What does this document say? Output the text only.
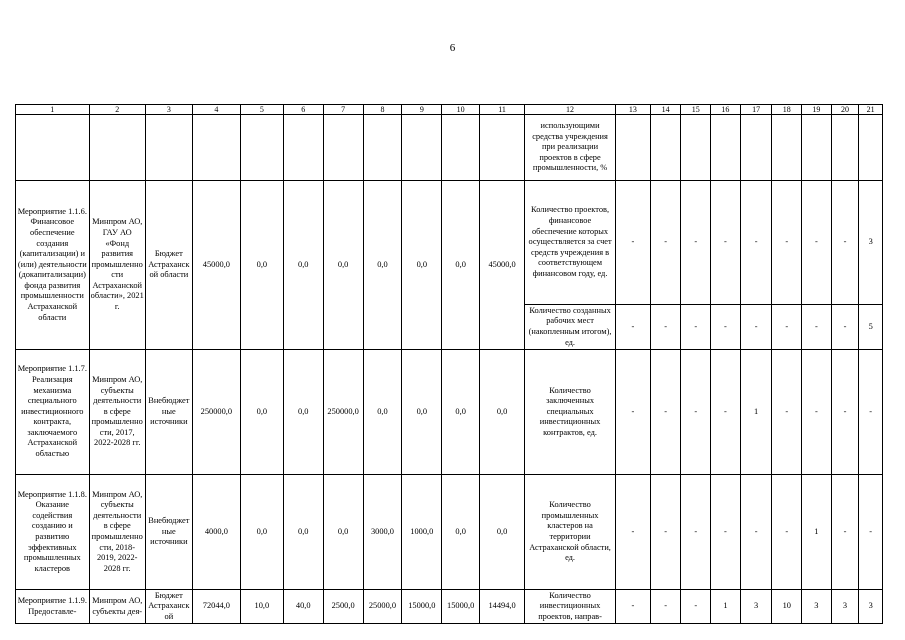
6
1	2	3	4	5	6	7	8	9	10	11	12	13	14	15	16	17	18	19	20	21
											использующими средства учреждения при реализации проектов в сфере промышленности, %									
Мероприятие 1.1.6. Финансовое обеспечение создания (капитализации) и (или) деятельности (докапитализации) фонда развития промышленности Астраханской области	Минпром АО, ГАУ АО «Фонд развития промышленности Астраханской области», 2021 г.	Бюджет Астраханской области	45000,0	0,0	0,0	0,0	0,0	0,0	0,0	45000,0	Количество проектов, финансовое обеспечение которых осуществляется за счет средств учреждения в соответствующем финансовом году, ед.	-	-	-	-	-	-	-	-	3
											Количество созданных рабочих мест (накопленным итогом), ед.	-	-	-	-	-	-	-	-	5
Мероприятие 1.1.7. Реализация механизма специального инвестиционного контракта, заключаемого Астраханской областью	Минпром АО, субъекты деятельности в сфере промышленности, 2017, 2022-2028 гг.	Внебюджетные источники	250000,0	0,0	0,0	250000,0	0,0	0,0	0,0	0,0	Количество заключенных специальных инвестиционных контрактов, ед.	-	-	-	-	1	-	-	-	-
Мероприятие 1.1.8. Оказание содействия созданию и развитию эффективных промышленных кластеров	Минпром АО, субъекты деятельности в сфере промышленности, 2018-2019, 2022-2028 гг.	Внебюджетные источники	4000,0	0,0	0,0	0,0	3000,0	1000,0	0,0	0,0	Количество промышленных кластеров на территории Астраханской области, ед.	-	-	-	-	-	-	1	-	-
Мероприятие 1.1.9. Предоставле-	Минпром АО, субъекты дея-	Бюджет Астраханской	72044,0	10,0	40,0	2500,0	25000,0	15000,0	15000,0	14494,0	Количество инвестиционных проектов, направ-	-	-	-	1	3	10	3	3	3
